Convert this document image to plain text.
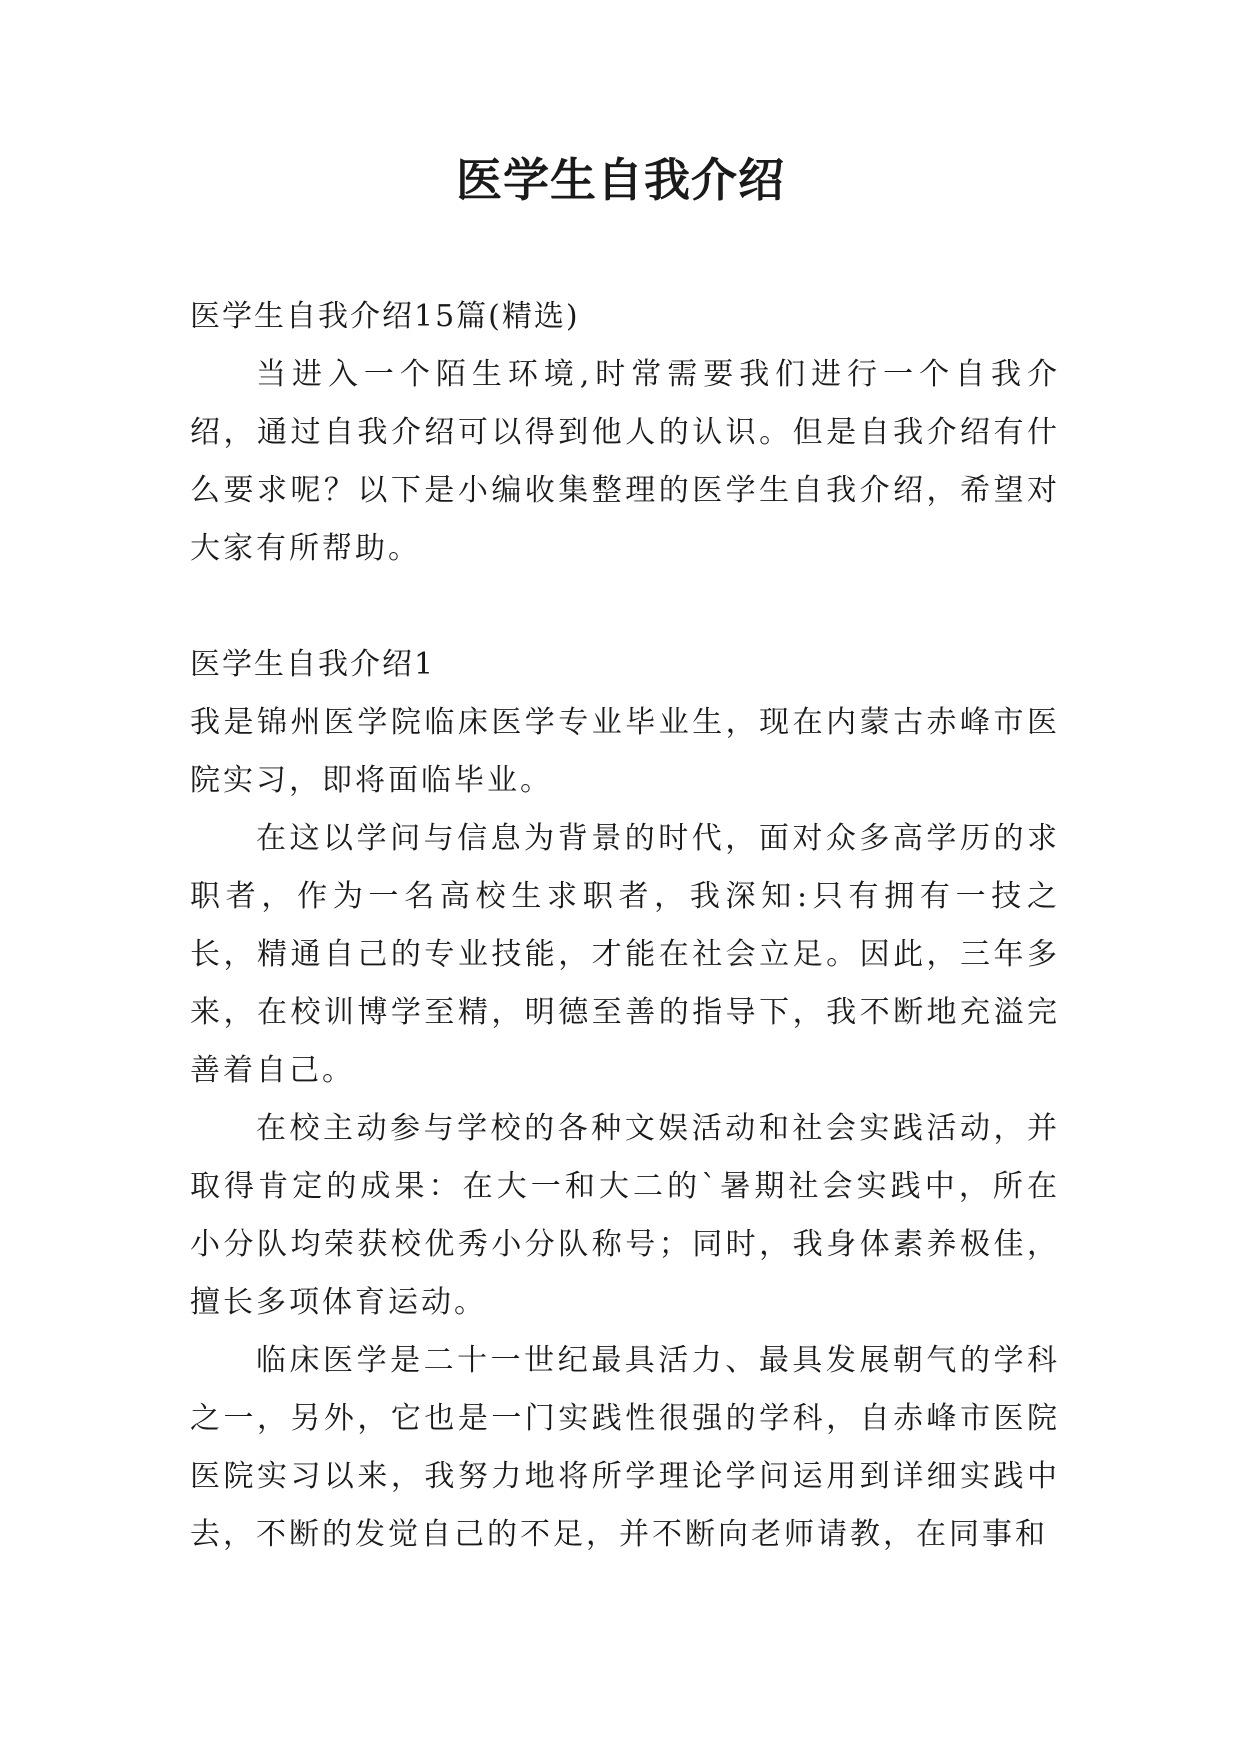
医学生自我介绍

医学生自我介绍15篇(精选)

当进入一个陌生环境,时常需要我们进行一个自我介绍，通过自我介绍可以得到他人的认识。但是自我介绍有什么要求呢？以下是小编收集整理的医学生自我介绍，希望对大家有所帮助。

医学生自我介绍1

我是锦州医学院临床医学专业毕业生，现在内蒙古赤峰市医院实习，即将面临毕业。

在这以学问与信息为背景的时代，面对众多高学历的求职者，作为一名高校生求职者，我深知:只有拥有一技之长，精通自己的专业技能，才能在社会立足。因此，三年多来，在校训博学至精，明德至善的指导下，我不断地充溢完善着自己。

在校主动参与学校的各种文娱活动和社会实践活动，并取得肯定的成果：在大一和大二的`暑期社会实践中，所在小分队均荣获校优秀小分队称号；同时，我身体素养极佳，擅长多项体育运动。

临床医学是二十一世纪最具活力、最具发展朝气的学科之一，另外，它也是一门实践性很强的学科，自赤峰市医院医院实习以来，我努力地将所学理论学问运用到详细实践中去，不断的发觉自己的不足，并不断向老师请教，在同事和
